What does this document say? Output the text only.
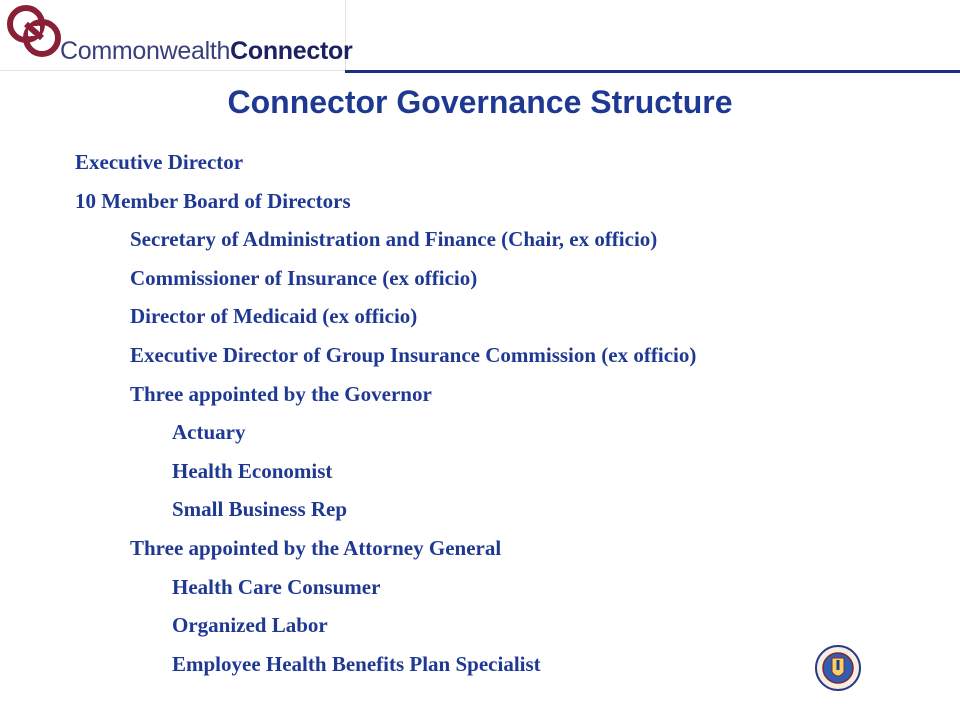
CommonwealthConnector
Connector Governance Structure
Executive Director
10 Member Board of Directors
Secretary of Administration and Finance (Chair, ex officio)
Commissioner of Insurance (ex officio)
Director of Medicaid (ex officio)
Executive Director of Group Insurance Commission (ex officio)
Three appointed by the Governor
Actuary
Health Economist
Small Business Rep
Three appointed by the Attorney General
Health Care Consumer
Organized Labor
Employee Health Benefits Plan Specialist
